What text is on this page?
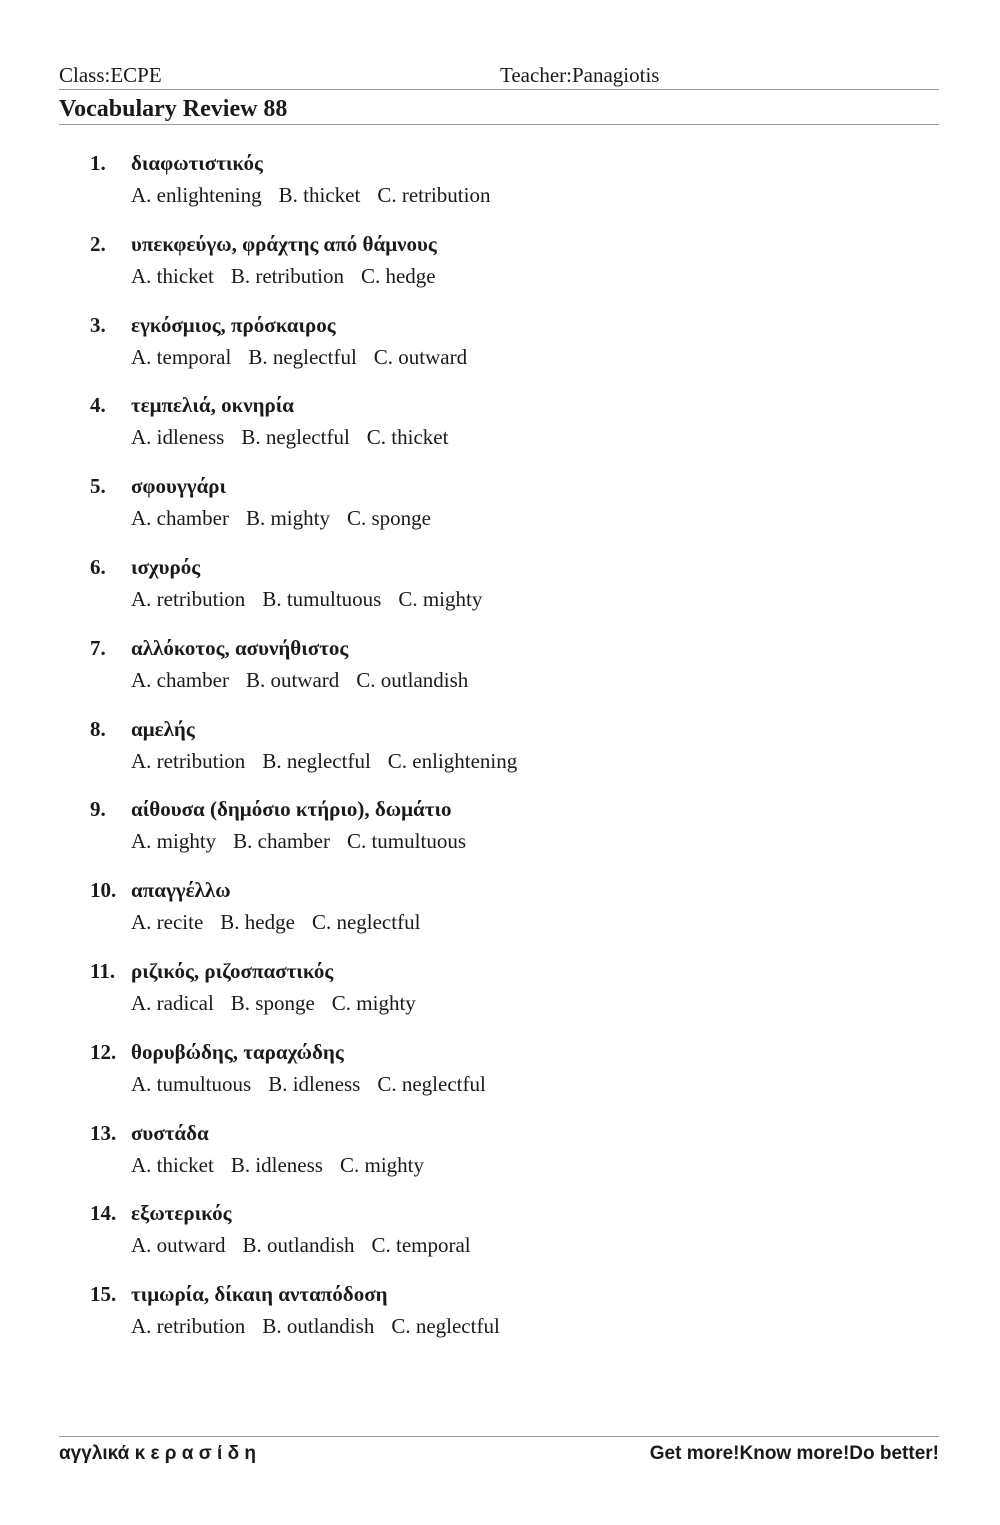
Class:ECPE	Teacher:Panagiotis
Vocabulary Review 88
1.	διαφωτιστικός
A. enlightening B. thicket C. retribution
2.	υπεκφεύγω, φράχτης από θάμνους
A. thicket B. retribution C. hedge
3.	εγκόσμιος, πρόσκαιρος
A. temporal B. neglectful C. outward
4.	τεμπελιά, οκνηρία
A. idleness B. neglectful C. thicket
5.	σφουγγάρι
A. chamber B. mighty C. sponge
6.	ισχυρός
A. retribution B. tumultuous C. mighty
7.	αλλόκοτος, ασυνήθιστος
A. chamber B. outward C. outlandish
8.	αμελής
A. retribution B. neglectful C. enlightening
9.	αίθουσα (δημόσιο κτήριο), δωμάτιο
A. mighty B. chamber C. tumultuous
10. απαγγέλλω
A. recite B. hedge C. neglectful
11. ριζικός, ριζοσπαστικός
A. radical B. sponge C. mighty
12. θορυβώδης, ταραχώδης
A. tumultuous B. idleness C. neglectful
13. συστάδα
A. thicket B. idleness C. mighty
14. εξωτερικός
A. outward B. outlandish C. temporal
15. τιμωρία, δίκαιη ανταπόδοση
A. retribution B. outlandish C. neglectful
αγγλικά κ ε ρ α σ ί δ η	Get more!Know more!Do better!
